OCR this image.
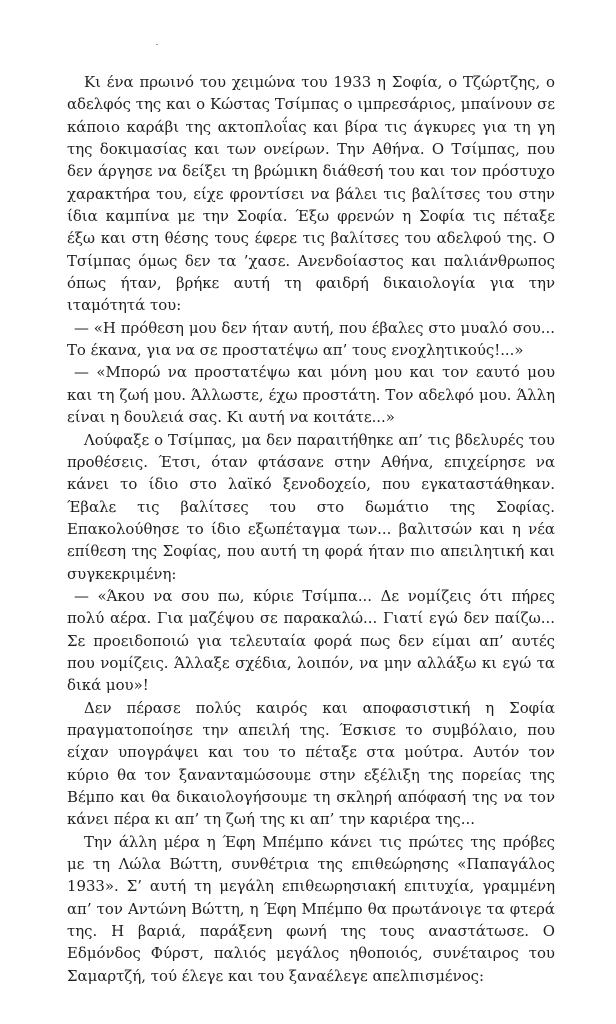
Κι ένα πρωινό του χειμώνα του 1933 η Σοφία, ο Τζώρτζης, ο αδελφός της και ο Κώστας Τσίμπας ο ιμπρεσάριος, μπαίνουν σε κάποιο καράβι της ακτοπλοΐας και βίρα τις άγκυρες για τη γη της δοκιμασίας και των ονείρων. Την Αθήνα. Ο Τσίμπας, που δεν άργησε να δείξει τη βρώμικη διάθεσή του και τον πρόστυχο χαρακτήρα του, είχε φροντίσει να βάλει τις βαλίτσες του στην ίδια καμπίνα με την Σοφία. Έξω φρενών η Σοφία τις πέταξε έξω και στη θέσης τους έφερε τις βαλίτσες του αδελφού της. Ο Τσίμπας όμως δεν τα ’χασε. Ανενδοίαστος και παλιάνθρωπος όπως ήταν, βρήκε αυτή τη φαιδρή δικαιολογία για την ιταμότητά του:

— «Η πρόθεση μου δεν ήταν αυτή, που έβαλες στο μυαλό σου... Το έκανα, για να σε προστατέψω απ’ τους ενοχλητικούς!...»

— «Μπορώ να προστατέψω και μόνη μου και τον εαυτό μου και τη ζωή μου. Άλλωστε, έχω προστάτη. Τον αδελφό μου. Άλλη είναι η δουλειά σας. Κι αυτή να κοιτάτε...»

Λούφαξε ο Τσίμπας, μα δεν παραιτήθηκε απ’ τις βδελυρές του προθέσεις. Έτσι, όταν φτάσανε στην Αθήνα, επιχείρησε να κάνει το ίδιο στο λαϊκό ξενοδοχείο, που εγκαταστάθηκαν. Έβαλε τις βαλίτσες του στο δωμάτιο της Σοφίας. Επακολούθησε το ίδιο εξωπέταγμα των... βαλιτσών και η νέα επίθεση της Σοφίας, που αυτή τη φορά ήταν πιο απειλητική και συγκεκριμένη:

— «Άκου να σου πω, κύριε Τσίμπα... Δε νομίζεις ότι πήρες πολύ αέρα. Για μαζέψου σε παρακαλώ... Γιατί εγώ δεν παίζω... Σε προειδοποιώ για τελευταία φορά πως δεν είμαι απ’ αυτές που νομίζεις. Άλλαξε σχέδια, λοιπόν, να μην αλλάξω κι εγώ τα δικά μου»!

Δεν πέρασε πολύς καιρός και αποφασιστική η Σοφία πραγματοποίησε την απειλή της. Έσκισε το συμβόλαιο, που είχαν υπογράψει και του το πέταξε στα μούτρα. Αυτόν τον κύριο θα τον ξανανταμώσουμε στην εξέλιξη της πορείας της Βέμπο και θα δικαιολογήσουμε τη σκληρή απόφασή της να τον κάνει πέρα κι απ’ τη ζωή της κι απ’ την καριέρα της...

Την άλλη μέρα η Έφη Μπέμπο κάνει τις πρώτες της πρόβες με τη Λώλα Βώττη, συνθέτρια της επιθεώρησης «Παπαγάλος 1933». Σ’ αυτή τη μεγάλη επιθεωρησιακή επιτυχία, γραμμένη απ’ τον Αντώνη Βώττη, η Έφη Μπέμπο θα πρωτάνοιγε τα φτερά της. Η βαριά, παράξενη φωνή της τους αναστάτωσε. Ο Εδμόνδος Φύρστ, παλιός μεγάλος ηθοποιός, συνέταιρος του Σαμαρτζή, τού έλεγε και του ξαναέλεγε απελπισμένος:
